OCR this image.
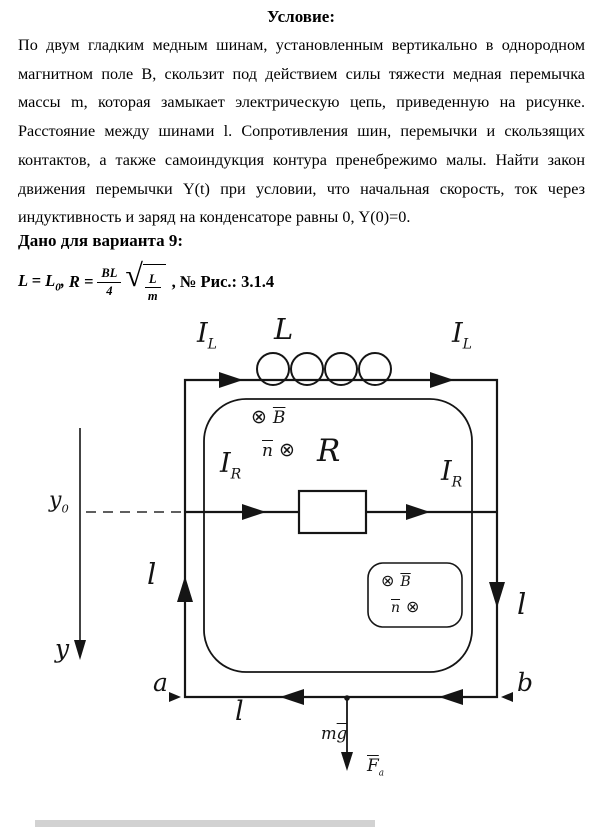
Условие:
По двум гладким медным шинам, установленным вертикально в однородном магнитном поле B, скользит под действием силы тяжести медная перемычка массы m, которая замыкает электрическую цепь, приведенную на рисунке. Расстояние между шинами l. Сопротивления шин, перемычки и скользящих контактов, а также самоиндукция контура пренебрежимо малы. Найти закон движения перемычки Y(t) при условии, что начальная скорость, ток через индуктивность и заряд на конденсаторе равны 0, Y(0)=0.
Дано для варианта 9:
$L = L_0$, $R = \frac{BL}{4}$ √ $\frac{L}{m}$ , № Рис.: 3.1.4
$I_L$ L	$I_L$
⊗ $\overline{B}$
$\overline{n}$ ⊗
$I_R$
R
$I_R$
$y_0$
y
l
l
⊗ $\overline{B}$
$\overline{n}$ ⊗
a	b
l
$m\overline{g}$
$\overline{F}_a$
